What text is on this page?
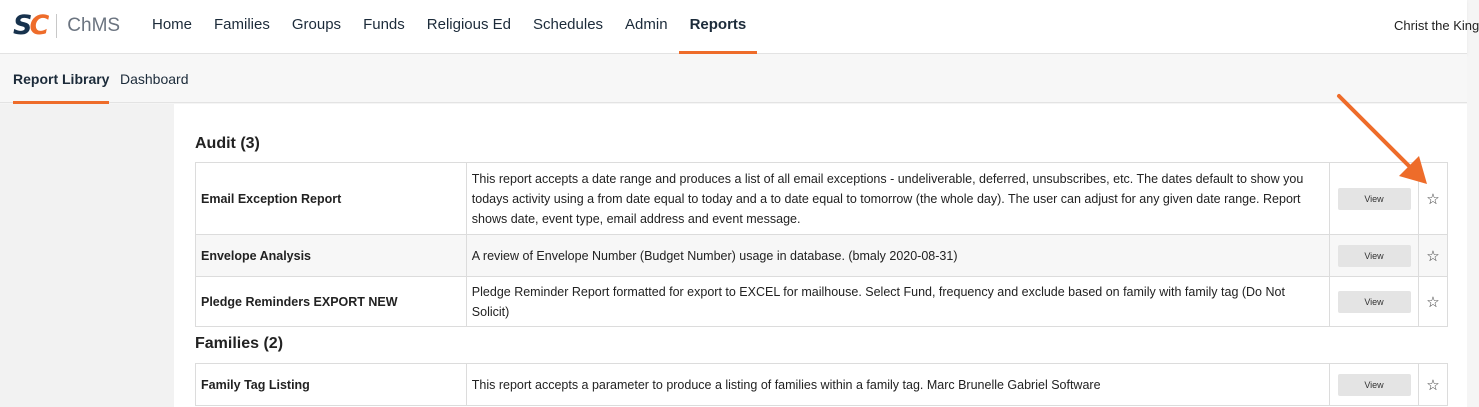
SC ChMS	Home	Families	Groups	Funds	Religious Ed	Schedules	Admin	Reports	Christ the King
Report Library Dashboard
Audit (3)
Email Exception Report	This report accepts a date range and produces a list of all email exceptions - undeliverable, deferred, unsubscribes, etc. The dates default to show you todays activity using a from date equal to today and a to date equal to tomorrow (the whole day). The user can adjust for any given date range. Report shows date, event type, email address and event message.	View	☆
Envelope Analysis	A review of Envelope Number (Budget Number) usage in database. (bmaly 2020-08-31)	View	☆
Pledge Reminders EXPORT NEW	Pledge Reminder Report formatted for export to EXCEL for mailhouse. Select Fund, frequency and exclude based on family with family tag (Do Not Solicit)	View	☆
Families (2)
Family Tag Listing	This report accepts a parameter to produce a listing of families within a family tag. Marc Brunelle Gabriel Software	View	☆
